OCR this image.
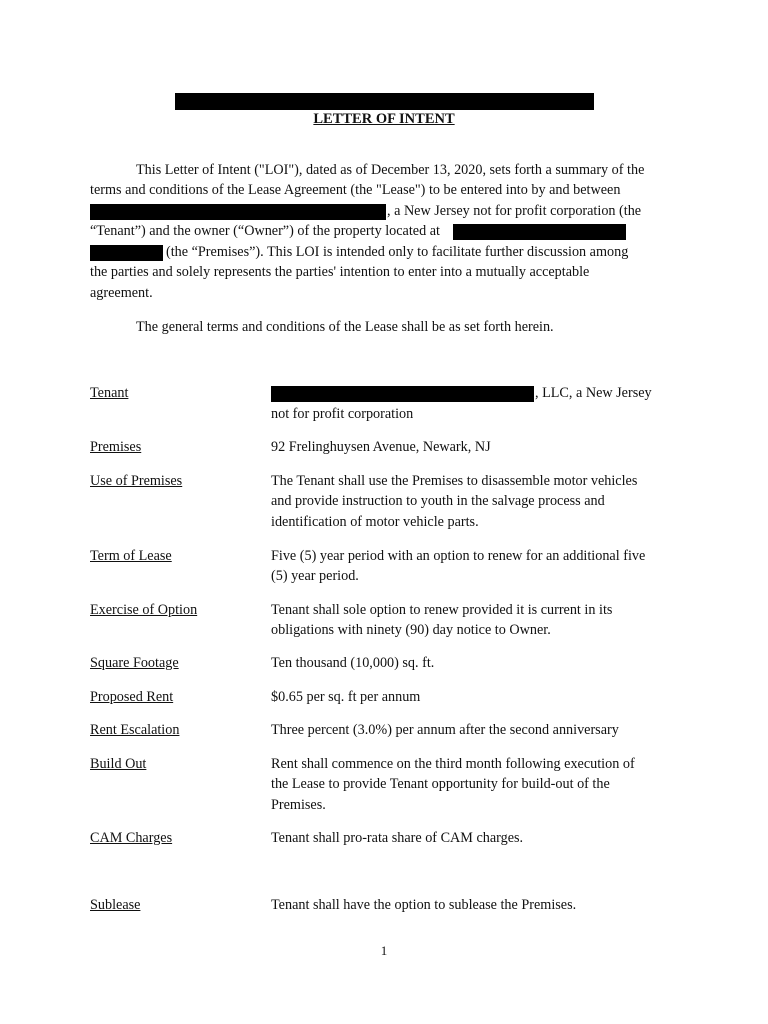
LETTER OF INTENT
This Letter of Intent ("LOI"), dated as of December 13, 2020, sets forth a summary of the
terms and conditions of the Lease Agreement (the "Lease") to be entered into by and between
, a New Jersey not for profit corporation (the
“Tenant”) and the owner (“Owner”) of the property located at
(the “Premises”). This LOI is intended only to facilitate further discussion among
the parties and solely represents the parties' intention to enter into a mutually acceptable
agreement.
The general terms and conditions of the Lease shall be as set forth herein.
Tenant	, LLC, a New Jersey
not for profit corporation
Premises	92 Frelinghuysen Avenue, Newark, NJ
Use of Premises	The Tenant shall use the Premises to disassemble motor vehicles
and provide instruction to youth in the salvage process and
identification of motor vehicle parts.
Term of Lease	Five (5) year period with an option to renew for an additional five
(5) year period.
Exercise of Option	Tenant shall sole option to renew provided it is current in its
obligations with ninety (90) day notice to Owner.
Square Footage	Ten thousand (10,000) sq. ft.
Proposed Rent	$0.65 per sq. ft per annum
Rent Escalation	Three percent (3.0%) per annum after the second anniversary
Build Out	Rent shall commence on the third month following execution of
the Lease to provide Tenant opportunity for build-out of the
Premises.
CAM Charges	Tenant shall pro-rata share of CAM charges.
Sublease	Tenant shall have the option to sublease the Premises.
1
